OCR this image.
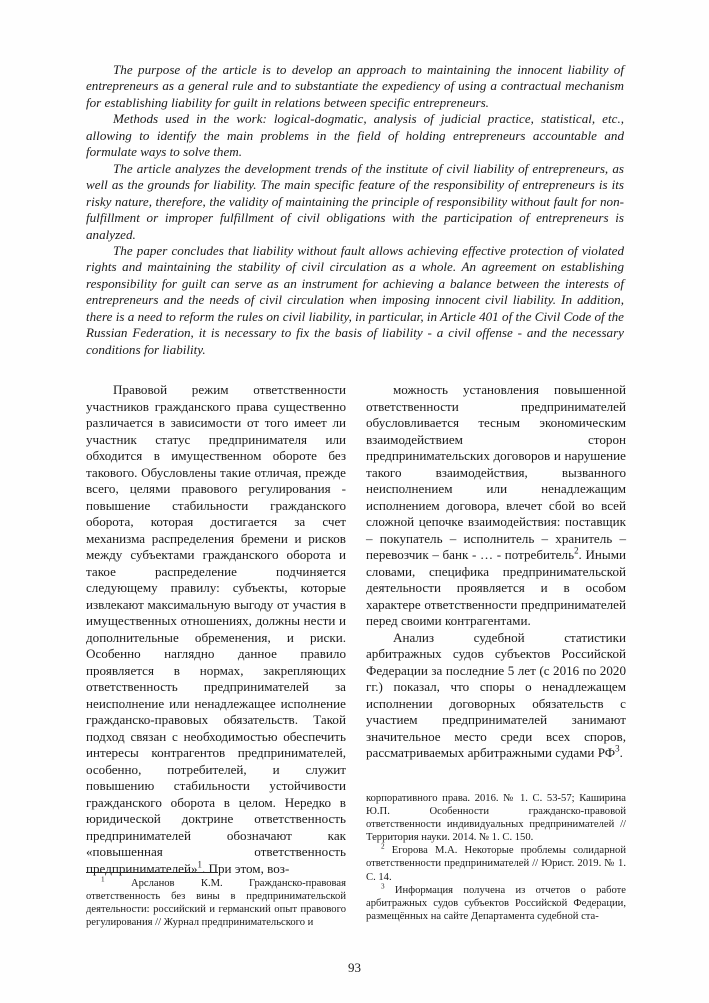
The purpose of the article is to develop an approach to maintaining the innocent liability of entrepreneurs as a general rule and to substantiate the expediency of using a contractual mechanism for establishing liability for guilt in relations between specific entrepreneurs.

Methods used in the work: logical-dogmatic, analysis of judicial practice, statistical, etc., allowing to identify the main problems in the field of holding entrepreneurs accountable and formulate ways to solve them.

The article analyzes the development trends of the institute of civil liability of entrepreneurs, as well as the grounds for liability. The main specific feature of the responsibility of entrepreneurs is its risky nature, therefore, the validity of maintaining the principle of responsibility without fault for non-fulfillment or improper fulfillment of civil obligations with the participation of entrepreneurs is analyzed.

The paper concludes that liability without fault allows achieving effective protection of violated rights and maintaining the stability of civil circulation as a whole. An agreement on establishing responsibility for guilt can serve as an instrument for achieving a balance between the interests of entrepreneurs and the needs of civil circulation when imposing innocent civil liability. In addition, there is a need to reform the rules on civil liability, in particular, in Article 401 of the Civil Code of the Russian Federation, it is necessary to fix the basis of liability - a civil offense - and the necessary conditions for liability.

Правовой режим ответственности участников гражданского права существенно различается в зависимости от того имеет ли участник статус предпринимателя или обходится в имущественном обороте без такового. Обусловлены такие отличая, прежде всего, целями правового регулирования - повышение стабильности гражданского оборота, которая достигается за счет механизма распределения бремени и рисков между субъектами гражданского оборота и такое распределение подчиняется следующему правилу: субъекты, которые извлекают максимальную выгоду от участия в имущественных отношениях, должны нести и дополнительные обременения, и риски. Особенно наглядно данное правило проявляется в нормах, закрепляющих ответственность предпринимателей за неисполнение или ненадлежащее исполнение гражданско-правовых обязательств. Такой подход связан с необходимостью обеспечить интересы контрагентов предпринимателей, особенно, потребителей, и служит повышению стабильности устойчивости гражданского оборота в целом. Нередко в юридической доктрине ответственность предпринимателей обозначают как «повышенная ответственность предпринимателей»$^1$. При этом, воз-

можность установления повышенной ответственности предпринимателей обусловливается тесным экономическим взаимодействием сторон предпринимательских договоров и нарушение такого взаимодействия, вызванного неисполнением или ненадлежащим исполнением договора, влечет сбой во всей сложной цепочке взаимодействия: поставщик – покупатель – исполнитель – хранитель – перевозчик – банк - … - потребитель$^2$. Иными словами, специфика предпринимательской деятельности проявляется и в особом характере ответственности предпринимателей перед своими контрагентами.

Анализ судебной статистики арбитражных судов субъектов Российской Федерации за последние 5 лет (с 2016 по 2020 гг.) показал, что споры о ненадлежащем исполнении договорных обязательств с участием предпринимателей занимают значительное место среди всех споров, рассматриваемых арбитражными судами $РФ^3$.

$^1$ Арсланов К.М. Гражданско-правовая ответственность без вины в предпринимательской деятельности: российский и германский опыт правового регулирования // Журнал предпринимательского и

корпоративного права. 2016. № 1. С. 53-57; Каширина Ю.П. Особенности гражданско-правовой ответственности индивидуальных предпринимателей // Территория науки. 2014. № 1. С. 150.

$^2$ Егорова М.А. Некоторые проблемы солидарной ответственности предпринимателей // Юрист. 2019. № 1. С. 14.

$^3$ Информация получена из отчетов о работе арбитражных судов субъектов Российской Федерации, размещённых на сайте Департамента судебной ста-

93
